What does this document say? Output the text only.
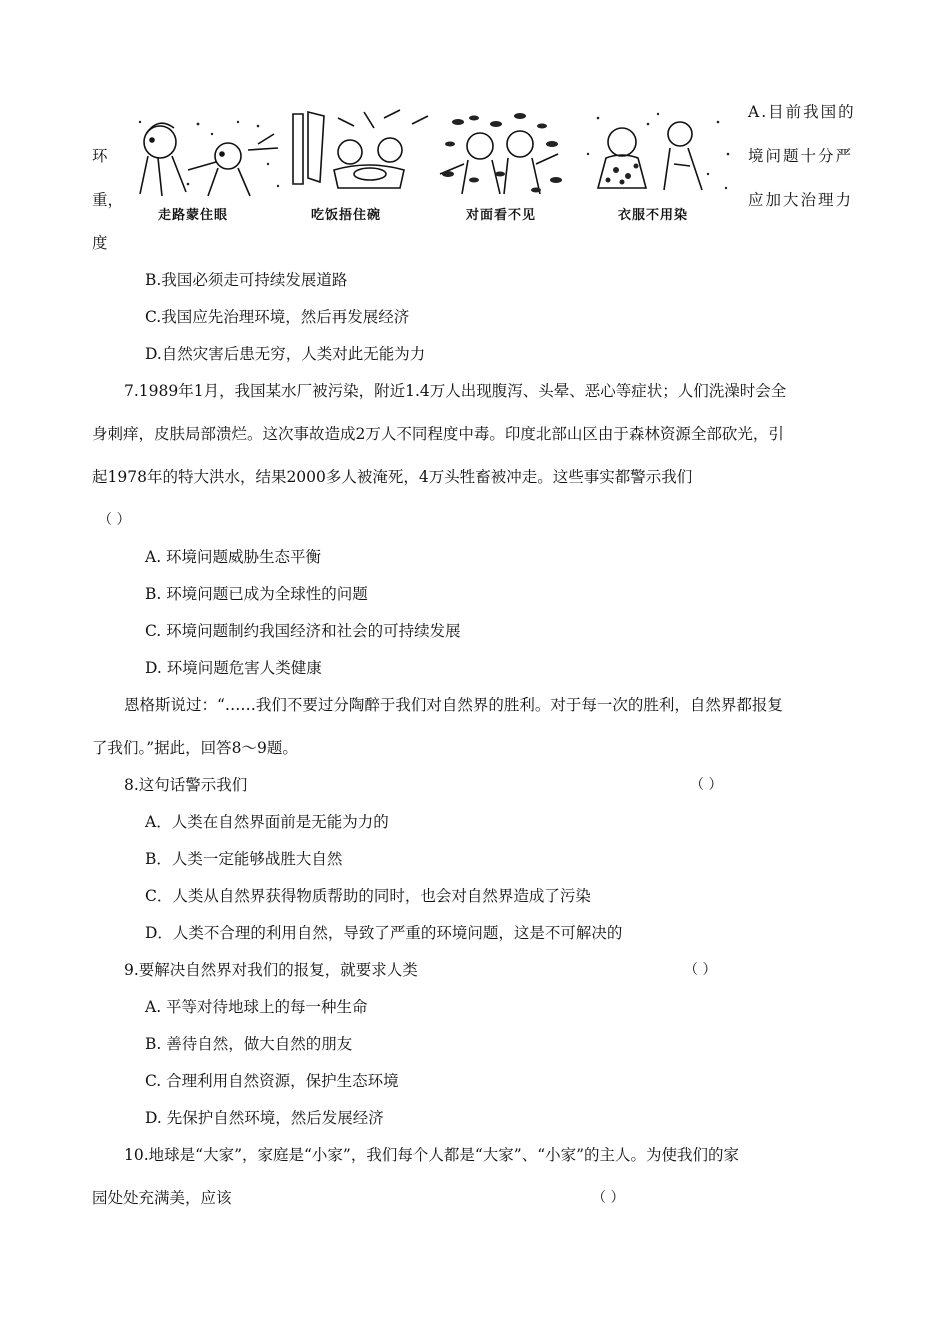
A.目前我国的
环	境问题十分严
重，	应加大治理力
度
走路蒙住眼	吃饭捂住碗	对面看不见	衣服不用染
B.我国必须走可持续发展道路
C.我国应先治理环境，然后再发展经济
D.自然灾害后患无穷，人类对此无能为力
7.1989年1月，我国某水厂被污染，附近1.4万人出现腹泻、头晕、恶心等症状；人们洗澡时会全
身刺痒，皮肤局部溃烂。这次事故造成2万人不同程度中毒。印度北部山区由于森林资源全部砍光，引
起1978年的特大洪水，结果2000多人被淹死，4万头牲畜被冲走。这些事实都警示我们
（ ）
A. 环境问题威胁生态平衡
B. 环境问题已成为全球性的问题
C. 环境问题制约我国经济和社会的可持续发展
D. 环境问题危害人类健康
恩格斯说过：“……我们不要过分陶醉于我们对自然界的胜利。对于每一次的胜利，自然界都报复
了我们。”据此，回答8～9题。
8.这句话警示我们	（ ）
A．人类在自然界面前是无能为力的
B．人类一定能够战胜大自然
C．人类从自然界获得物质帮助的同时，也会对自然界造成了污染
D．人类不合理的利用自然，导致了严重的环境问题，这是不可解决的
9.要解决自然界对我们的报复，就要求人类	（ ）
A. 平等对待地球上的每一种生命
B. 善待自然，做大自然的朋友
C. 合理利用自然资源，保护生态环境
D. 先保护自然环境，然后发展经济
10.地球是“大家”，家庭是“小家”，我们每个人都是“大家”、“小家”的主人。为使我们的家
园处处充满美，应该	（ ）
